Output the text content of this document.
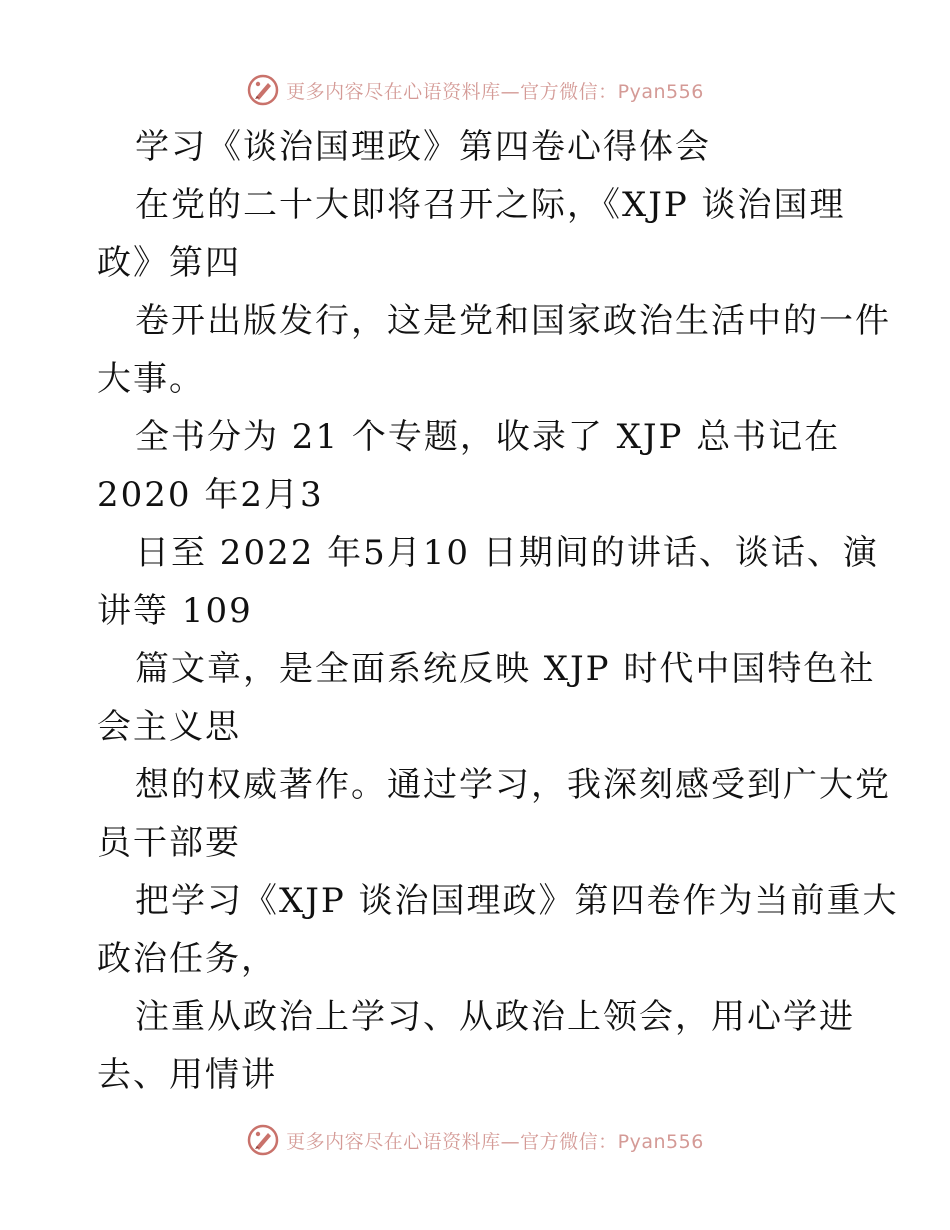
更多内容尽在心语资料库—官方微信：Pyan556
学习《谈治国理政》第四卷心得体会
在党的二十大即将召开之际，《XJP 谈治国理
政》第四
卷开出版发行，这是党和国家政治生活中的一件
大事。
全书分为 21 个专题，收录了 XJP 总书记在
2020 年2月3
日至 2022 年5月10 日期间的讲话、谈话、演
讲等 109
篇文章，是全面系统反映 XJP 时代中国特色社
会主义思
想的权威著作。通过学习，我深刻感受到广大党
员干部要
把学习《XJP 谈治国理政》第四卷作为当前重大
政治任务，
注重从政治上学习、从政治上领会，用心学进
去、用情讲
更多内容尽在心语资料库—官方微信：Pyan556
